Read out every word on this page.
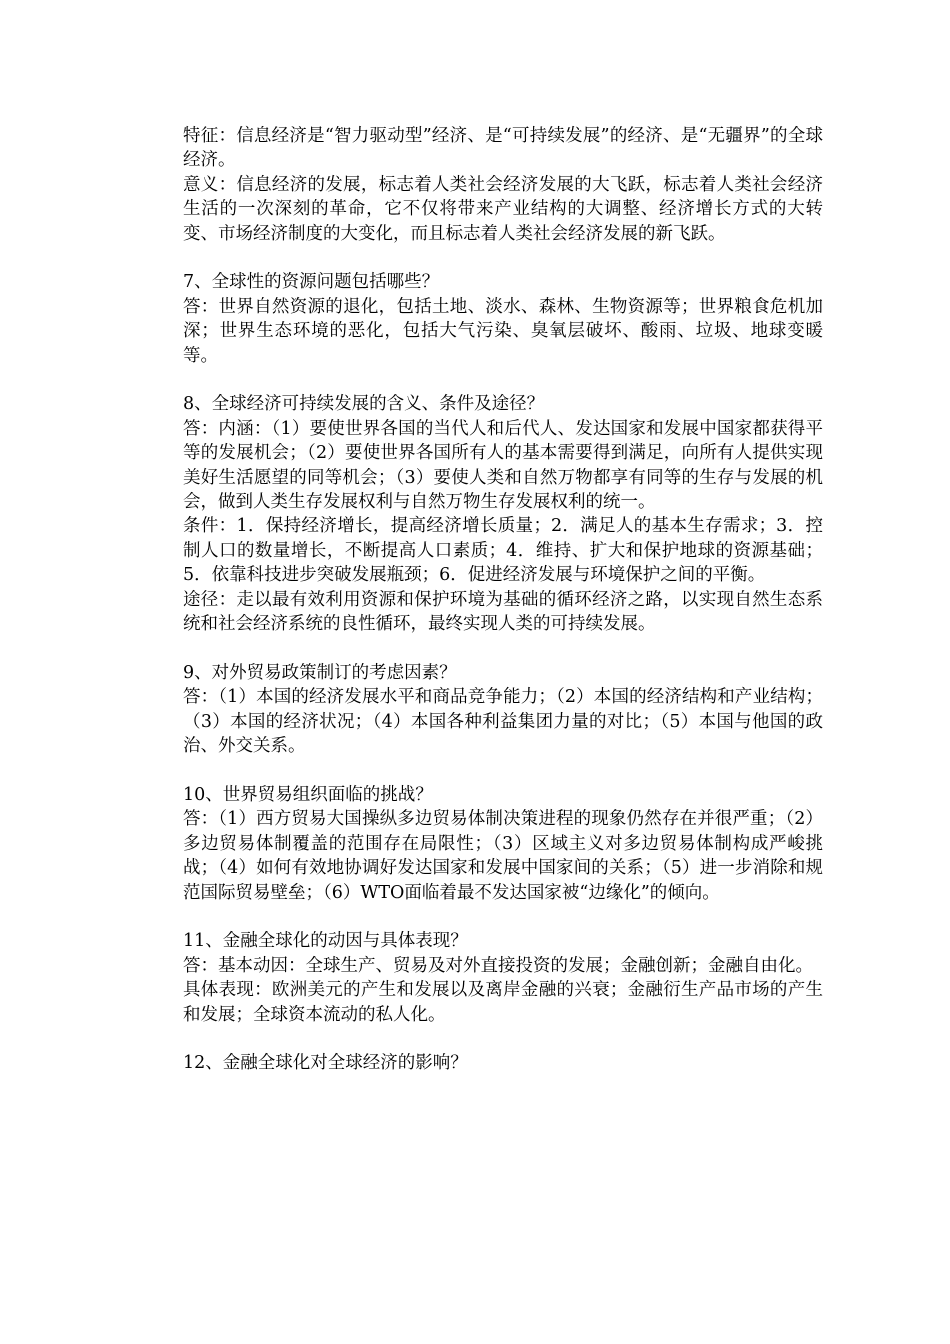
特征：信息经济是“智力驱动型”经济、是“可持续发展”的经济、是“无疆界”的全球经济。

意义：信息经济的发展，标志着人类社会经济发展的大飞跃，标志着人类社会经济生活的一次深刻的革命，它不仅将带来产业结构的大调整、经济增长方式的大转变、市场经济制度的大变化，而且标志着人类社会经济发展的新飞跃。

7、全球性的资源问题包括哪些？

答：世界自然资源的退化，包括土地、淡水、森林、生物资源等；世界粮食危机加深；世界生态环境的恶化，包括大气污染、臭氧层破坏、酸雨、垃圾、地球变暖等。

8、全球经济可持续发展的含义、条件及途径？

答：内涵：（1）要使世界各国的当代人和后代人、发达国家和发展中国家都获得平等的发展机会；（2）要使世界各国所有人的基本需要得到满足，向所有人提供实现美好生活愿望的同等机会；（3）要使人类和自然万物都享有同等的生存与发展的机会，做到人类生存发展权利与自然万物生存发展权利的统一。

条件：1．保持经济增长，提高经济增长质量；2．满足人的基本生存需求；3．控制人口的数量增长，不断提高人口素质；4．维持、扩大和保护地球的资源基础；5．依靠科技进步突破发展瓶颈；6．促进经济发展与环境保护之间的平衡。

途径：走以最有效利用资源和保护环境为基础的循环经济之路，以实现自然生态系统和社会经济系统的良性循环，最终实现人类的可持续发展。

9、对外贸易政策制订的考虑因素？

答：（1）本国的经济发展水平和商品竞争能力；（2）本国的经济结构和产业结构；（3）本国的经济状况；（4）本国各种利益集团力量的对比；（5）本国与他国的政治、外交关系。

10、世界贸易组织面临的挑战？

答：（1）西方贸易大国操纵多边贸易体制决策进程的现象仍然存在并很严重；（2）多边贸易体制覆盖的范围存在局限性；（3）区域主义对多边贸易体制构成严峻挑战；（4）如何有效地协调好发达国家和发展中国家间的关系；（5）进一步消除和规范国际贸易壁垒；（6）WTO面临着最不发达国家被“边缘化”的倾向。

11、金融全球化的动因与具体表现？

答：基本动因：全球生产、贸易及对外直接投资的发展；金融创新；金融自由化。

具体表现：欧洲美元的产生和发展以及离岸金融的兴衰；金融衍生产品市场的产生和发展；全球资本流动的私人化。

12、金融全球化对全球经济的影响？
